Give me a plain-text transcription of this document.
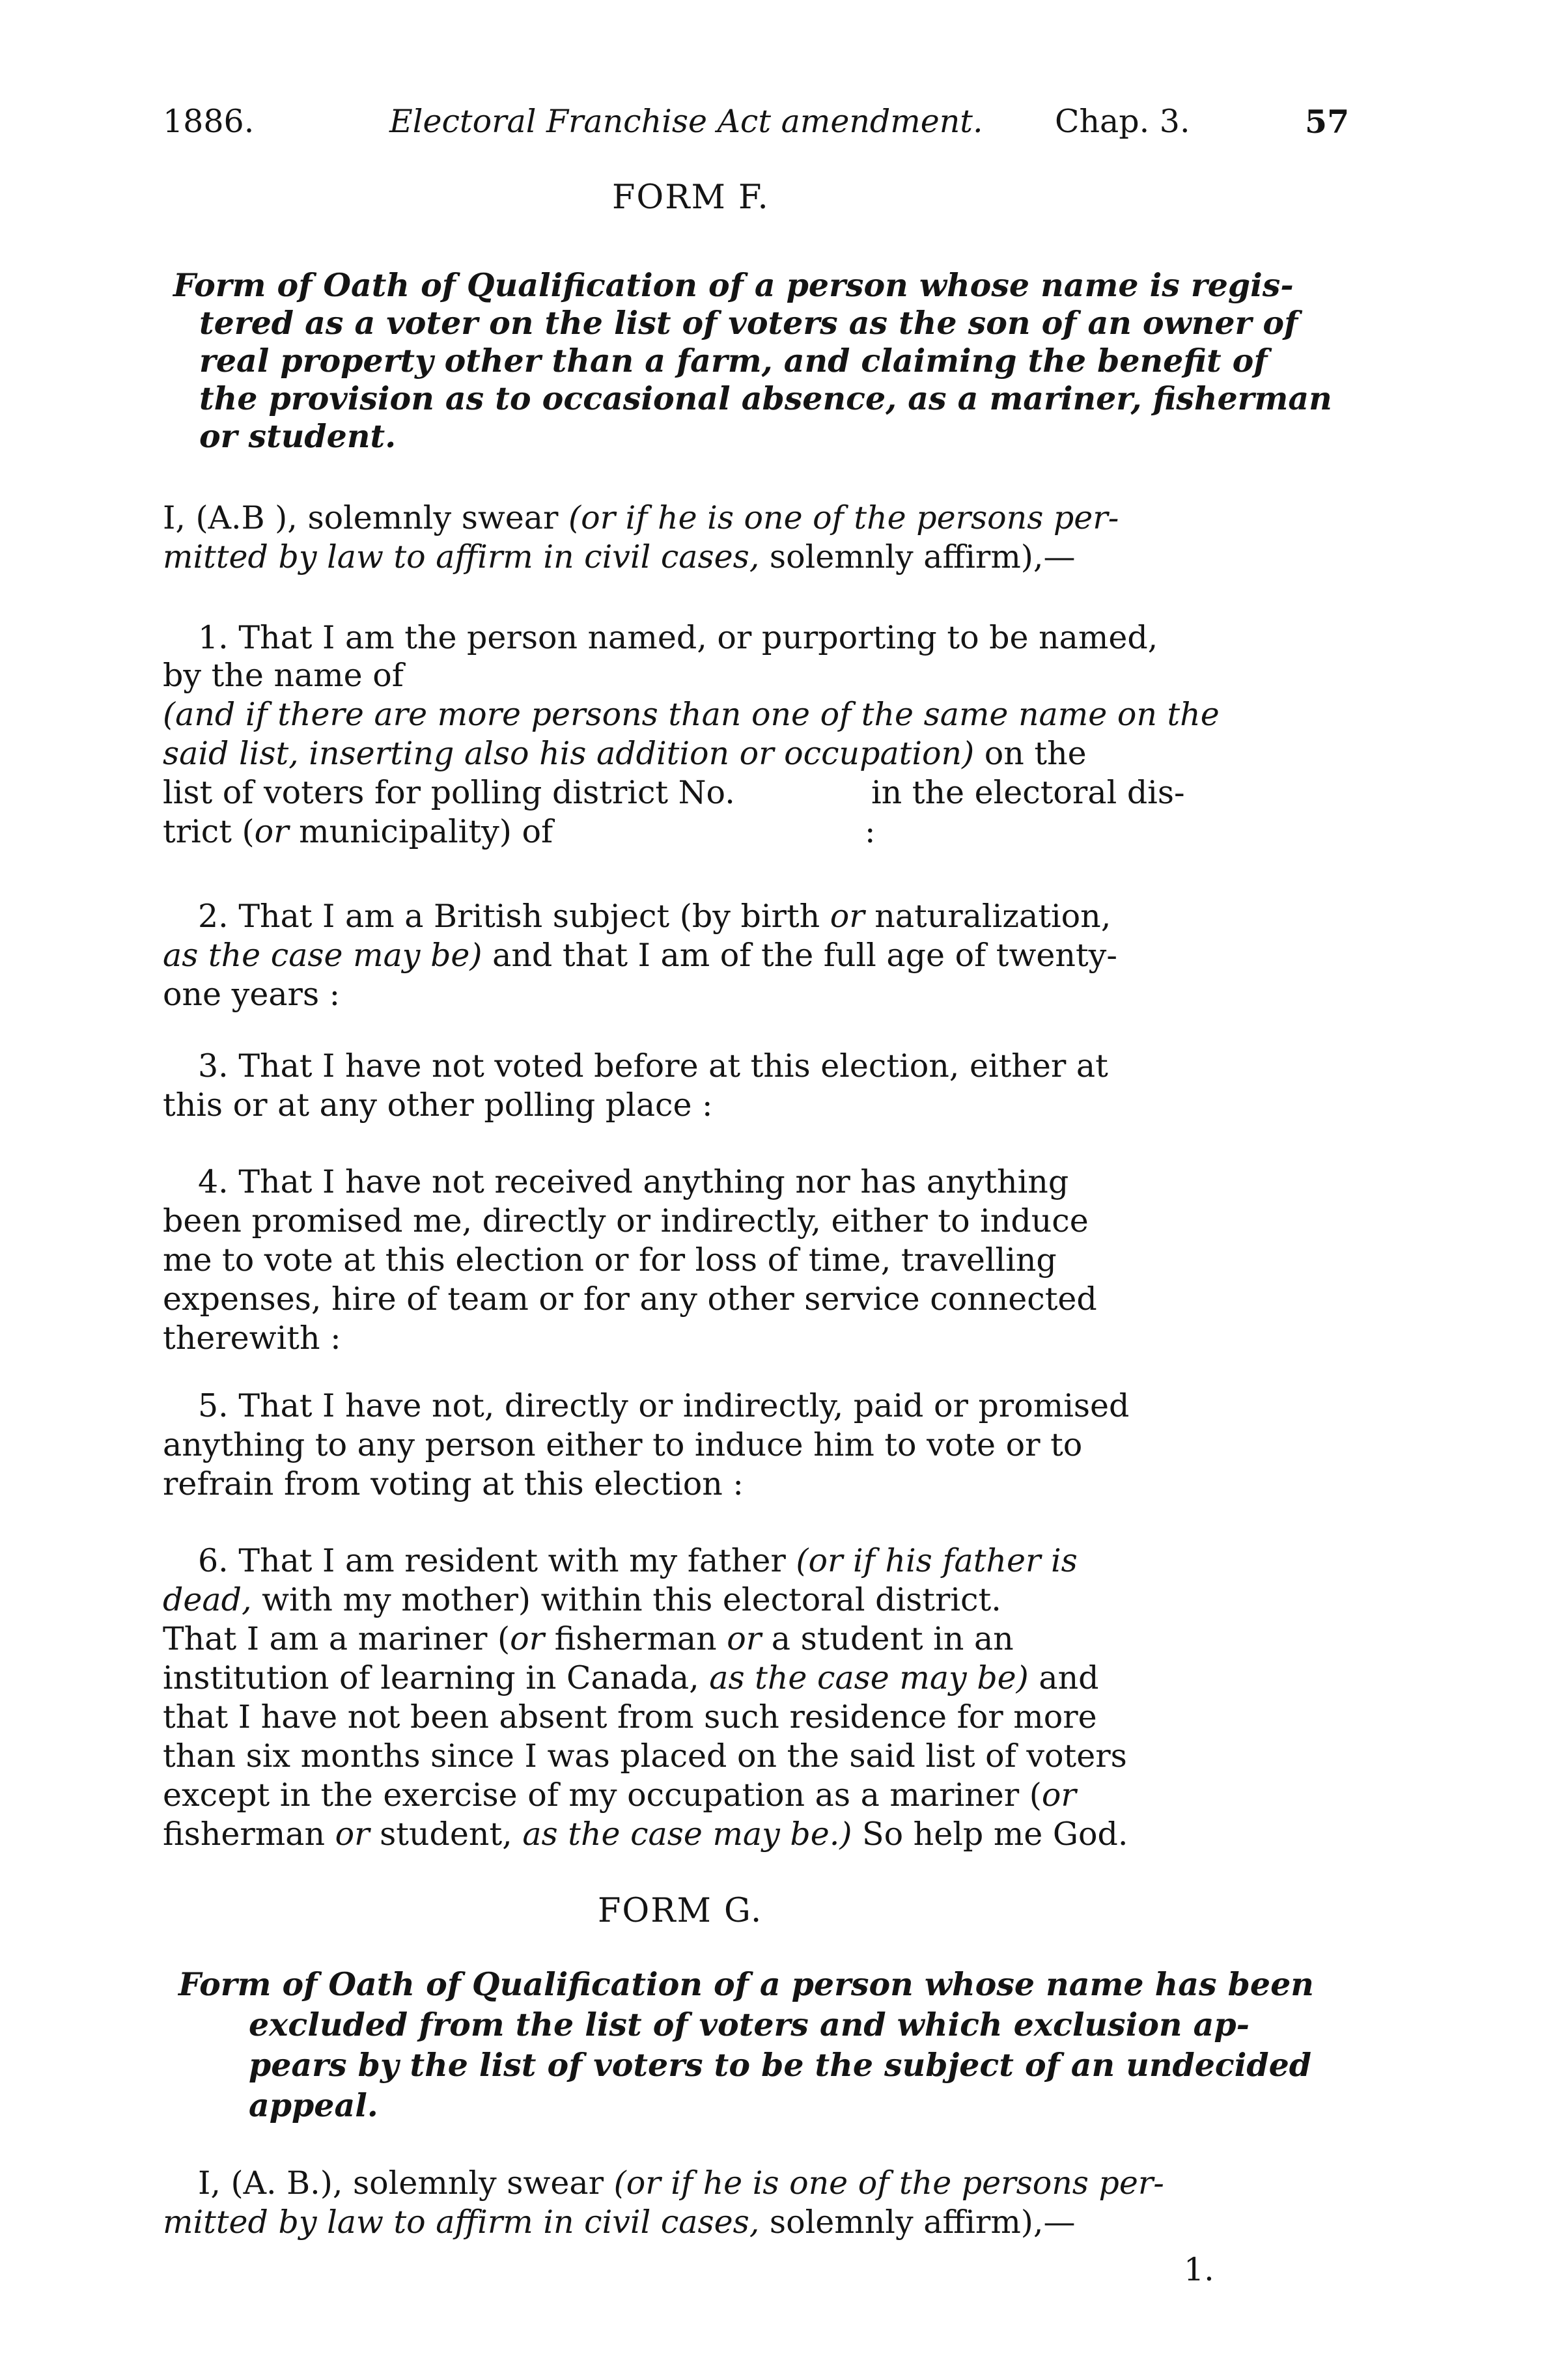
1886.	Electoral Franchise Act amendment. Chap. 3.	57
FORM F.
Form of Oath of Qualification of a person whose name is regis-
tered as a voter on the list of voters as the son of an owner of
real property other than a farm, and claiming the benefit of
the provision as to occasional absence, as a mariner, fisherman
or student.
I, (A.B ), solemnly swear (or if he is one of the persons per-
mitted by law to affirm in civil cases, solemnly affirm),—
1. That I am the person named, or purporting to be named,
by the name of
(and if there are more persons than one of the same name on the
said list, inserting also his addition or occupation) on the
list of voters for polling district No.	in the electoral dis-
trict (or municipality) of	:
2. That I am a British subject (by birth or naturalization,
as the case may be) and that I am of the full age of twenty-
one years :
3. That I have not voted before at this election, either at
this or at any other polling place :
4. That I have not received anything nor has anything
been promised me, directly or indirectly, either to induce
me to vote at this election or for loss of time, travelling
expenses, hire of team or for any other service connected
therewith :
5. That I have not, directly or indirectly, paid or promised
anything to any person either to induce him to vote or to
refrain from voting at this election :
6. That I am resident with my father (or if his father is
dead, with my mother) within this electoral district.
That I am a mariner (or fisherman or a student in an
institution of learning in Canada, as the case may be) and
that I have not been absent from such residence for more
than six months since I was placed on the said list of voters
except in the exercise of my occupation as a mariner (or
fisherman or student, as the case may be.) So help me God.
FORM G.
Form of Oath of Qualification of a person whose name has been
excluded from the list of voters and which exclusion ap-
pears by the list of voters to be the subject of an undecided
appeal.
I, (A. B.), solemnly swear (or if he is one of the persons per-
mitted by law to affirm in civil cases, solemnly affirm),—
1.
